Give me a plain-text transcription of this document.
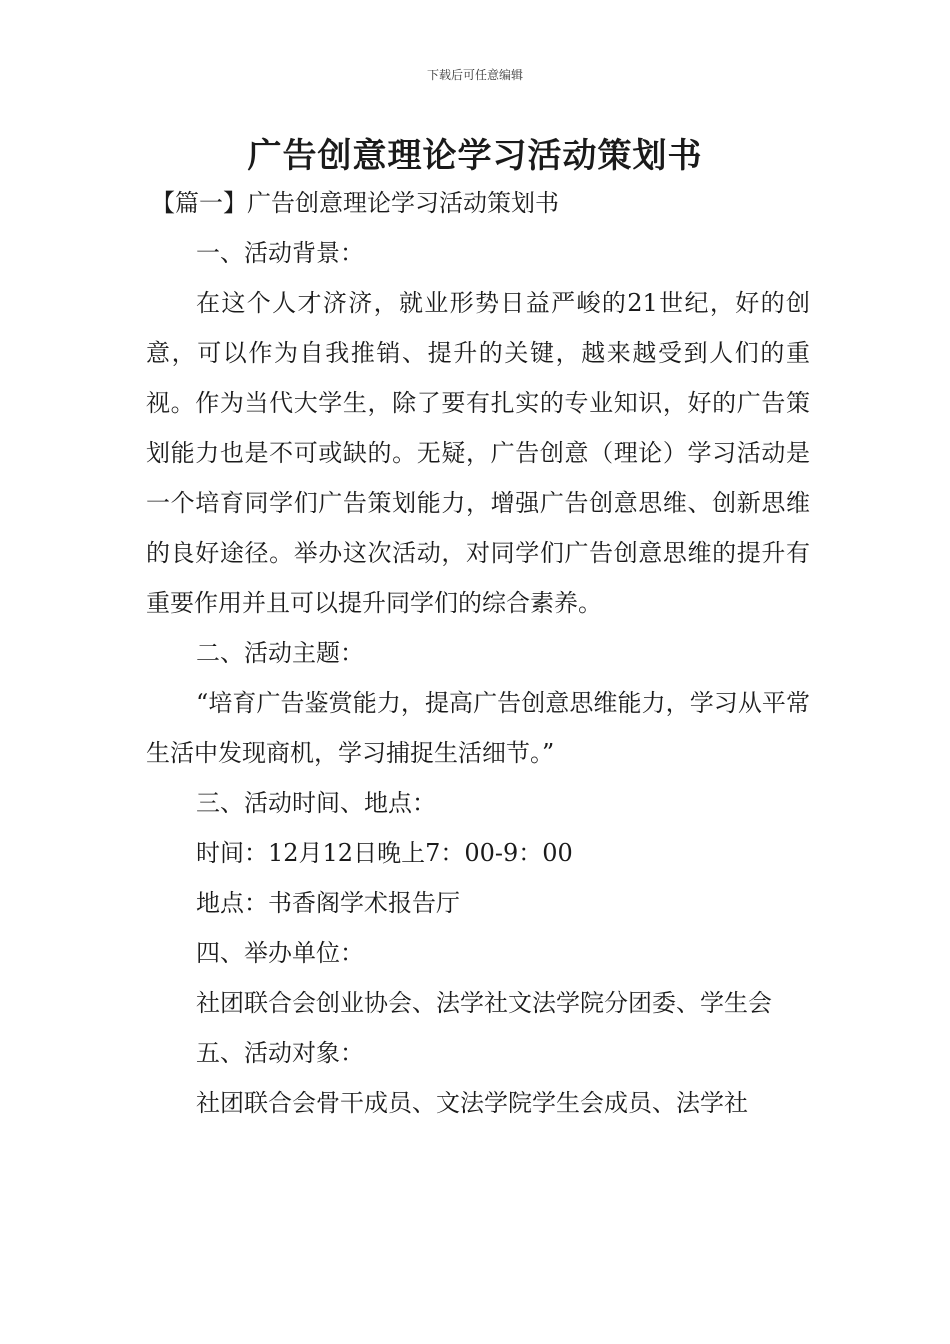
下载后可任意编辑
广告创意理论学习活动策划书
【篇一】广告创意理论学习活动策划书
一、活动背景：

在这个人才济济，就业形势日益严峻的21世纪，好的创意，可以作为自我推销、提升的关键，越来越受到人们的重视。作为当代大学生，除了要有扎实的专业知识，好的广告策划能力也是不可或缺的。无疑，广告创意（理论）学习活动是一个培育同学们广告策划能力，增强广告创意思维、创新思维的良好途径。举办这次活动，对同学们广告创意思维的提升有重要作用并且可以提升同学们的综合素养。

二、活动主题：

“培育广告鉴赏能力，提高广告创意思维能力，学习从平常生活中发现商机，学习捕捉生活细节。”

三、活动时间、地点：
时间：12月12日晚上7：00-9：00
地点：书香阁学术报告厅
四、举办单位：

社团联合会创业协会、法学社文法学院分团委、学生会

五、活动对象：

社团联合会骨干成员、文法学院学生会成员、法学社
